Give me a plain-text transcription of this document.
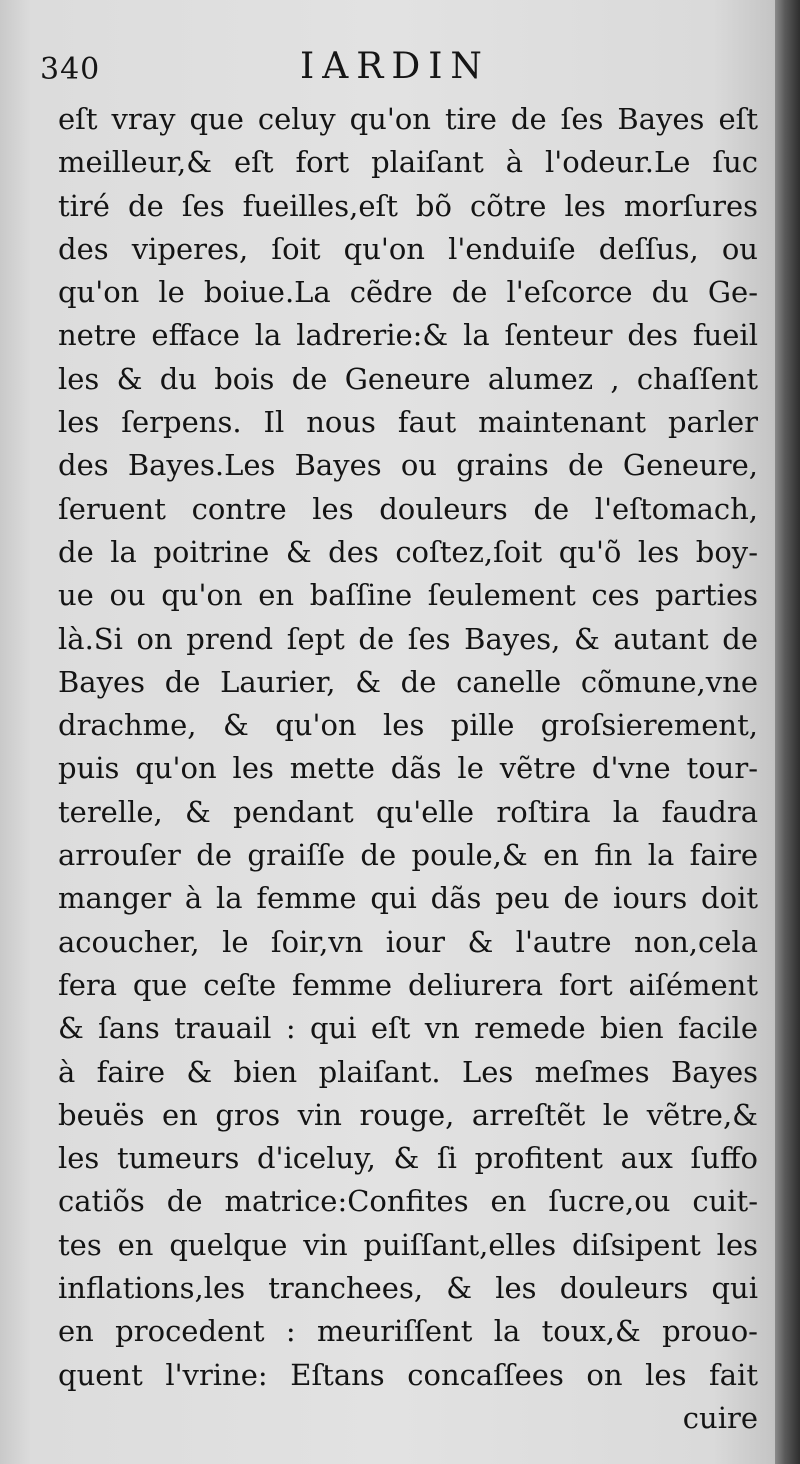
340	IARDIN
eſt vray que celuy qu'on tire de ſes Bayes eſt
meilleur,& eſt fort plaiſant à l'odeur.Le ſuc
tiré de ſes fueilles,eſt bõ cõtre les morſures
des viperes, ſoit qu'on l'enduiſe deſſus, ou
qu'on le boiue.La cẽdre de l'eſcorce du Ge-
netre efface la ladrerie:& la ſenteur des fueil
les & du bois de Geneure alumez , chaſſent
les ſerpens. Il nous faut maintenant parler
des Bayes.Les Bayes ou grains de Geneure,
ſeruent contre les douleurs de l'eſtomach,
de la poitrine & des coſtez,ſoit qu'õ les boy-
ue ou qu'on en baſſine ſeulement ces parties
là.Si on prend ſept de ſes Bayes, & autant de
Bayes de Laurier, & de canelle cõmune,vne
drachme, & qu'on les pille groſsierement,
puis qu'on les mette dãs le vẽtre d'vne tour-
terelle, & pendant qu'elle roſtira la faudra
arrouſer de graiſſe de poule,& en fin la faire
manger à la femme qui dãs peu de iours doit
acoucher, le ſoir,vn iour & l'autre non,cela
fera que ceſte femme deliurera fort aiſément
& ſans trauail : qui eſt vn remede bien facile
à faire & bien plaiſant. Les meſmes Bayes
beuës en gros vin rouge, arreſtẽt le vẽtre,&
les tumeurs d'iceluy, & ſi profitent aux ſuffo
catiõs de matrice:Confites en ſucre,ou cuit-
tes en quelque vin puiſſant,elles diſsipent les
inflations,les tranchees, & les douleurs qui
en procedent : meuriſſent la toux,& prouo-
quent l'vrine: Eſtans concaſſees on les fait
cuire
